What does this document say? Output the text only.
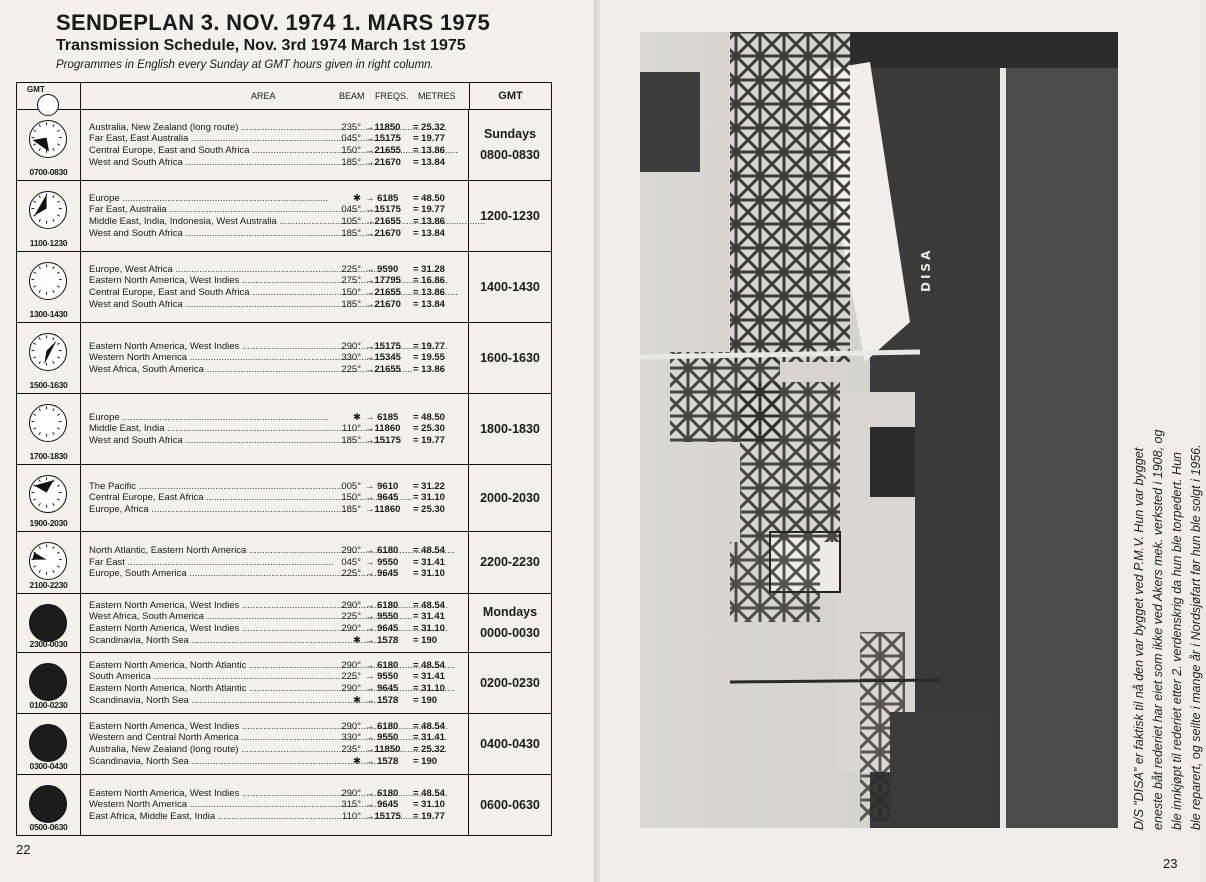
SENDEPLAN 3. NOV. 1974 1. MARS 1975
Transmission Schedule, Nov. 3rd 1974 March 1st 1975
Programmes in English every Sunday at GMT hours given in right column.
GMT
AREA	BEAM FREQS. METRES	GMT
0700-0830
Australia, New Zealand (long route) .....	235° →11850	= 25.32
Far East, East Australia .....	045° →15175	= 19.77
Central Europe, East and South Africa .....	150° →21655	= 13.86
West and South Africa .....	185° →21670	= 13.84
Sundays
0800-0830
1100-1230
Europe .....	✱ → 6185	= 48.50
Far East, Australia .....	045° →15175	= 19.77
Middle East, India, Indonesia, West Australia .....	105° →21655	= 13.86
West and South Africa .....	185° →21670	= 13.84
1200-1230
1300-1430
Europe, West Africa .....	225° → 9590	= 31.28
Eastern North America, West Indies .....	275° →17795	= 16.86
Central Europe, East and South Africa .....	150° →21655	= 13.86
West and South Africa .....	185° →21670	= 13.84
1400-1430
1500-1630
Eastern North America, West Indies .....	290° →15175	= 19.77
Western North America .....	330° →15345	= 19.55
West Africa, South America .....	225° →21655	= 13.86
1600-1630
1700-1830
Europe .....	✱ → 6185	= 48.50
Middle East, India .....	110° →11860	= 25.30
West and South Africa .....	185° →15175	= 19.77
1800-1830
1900-2030
The Pacific .....	005° → 9610	= 31.22
Central Europe, East Africa .....	150° → 9645	= 31.10
Europe, Africa .....	185° →11860	= 25.30
2000-2030
2100-2230
North Atlantic, Eastern North America .....	290° → 6180	= 48.54
Far East .....	045° → 9550	= 31.41
Europe, South America .....	225° → 9645	= 31.10
2200-2230
2300-0030
Eastern North America, West Indies .....	290° → 6180	= 48.54
West Africa, South America .....	225° → 9550	= 31.41
Eastern North America, West Indies .....	290° → 9645	= 31.10
Scandinavia, North Sea .....	✱ → 1578	= 190
Mondays
0000-0030
0100-0230
Eastern North America, North Atlantic .....	290° → 6180	= 48.54
South America .....	225° → 9550	= 31.41
Eastern North America, North Atlantic .....	290° → 9645	= 31.10
Scandinavia, North Sea .....	✱ → 1578	= 190
0200-0230
0300-0430
Eastern North America, West Indies .....	290° → 6180	= 48.54
Western and Central North America .....	330° → 9550	= 31.41
Australia, New Zealand (long route) .....	235° →11850	= 25.32
Scandinavia, North Sea .....	✱ → 1578	= 190
0400-0430
0500-0630
Eastern North America, West Indies .....	290° → 6180	= 48.54
Western North America .....	315° → 9645	= 31.10
East Africa, Middle East, India .....	110° →15175	= 19.77
0600-0630
22
DISA
D/S "DISA" er faktisk til nå den var bygget ved P.M.V. Hun var bygget eneste båt rederiet har eiet som ikke ved Akers mek. verksted i 1908, og ble innkjøpt til rederiet etter 2. verdenskrig da hun ble torpedert. Hun ble reparert, og seilte i mange år i Nordsjøfart før hun ble solgt i 1956.
23
